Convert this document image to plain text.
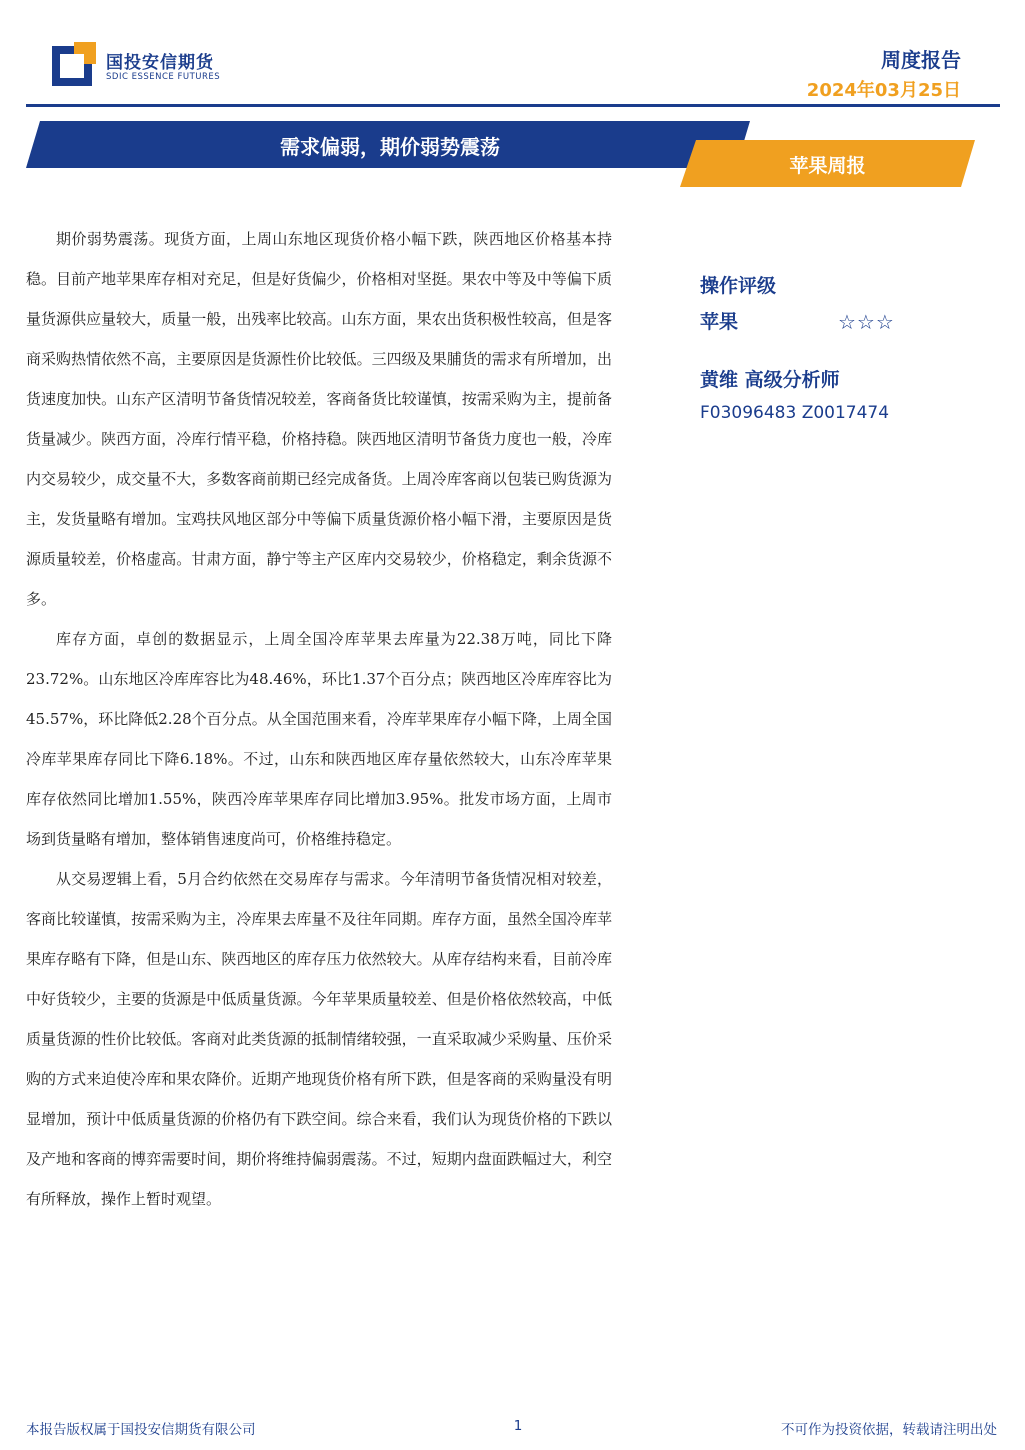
国投安信期货
SDIC ESSENCE FUTURES
周度报告
2024年03月25日
需求偏弱，期价弱势震荡
苹果周报

期价弱势震荡。现货方面，上周山东地区现货价格小幅下跌，陕西地区价格基本持稳。目前产地苹果库存相对充足，但是好货偏少，价格相对坚挺。果农中等及中等偏下质量货源供应量较大，质量一般，出残率比较高。山东方面，果农出货积极性较高，但是客商采购热情依然不高，主要原因是货源性价比较低。三四级及果脯货的需求有所增加，出货速度加快。山东产区清明节备货情况较差，客商备货比较谨慎，按需采购为主，提前备货量减少。陕西方面，冷库行情平稳，价格持稳。陕西地区清明节备货力度也一般，冷库内交易较少，成交量不大，多数客商前期已经完成备货。上周冷库客商以包装已购货源为主，发货量略有增加。宝鸡扶风地区部分中等偏下质量货源价格小幅下滑，主要原因是货源质量较差，价格虚高。甘肃方面，静宁等主产区库内交易较少，价格稳定，剩余货源不多。

库存方面，卓创的数据显示，上周全国冷库苹果去库量为22.38万吨，同比下降23.72%。山东地区冷库库容比为48.46%，环比1.37个百分点；陕西地区冷库库容比为45.57%，环比降低2.28个百分点。从全国范围来看，冷库苹果库存小幅下降，上周全国冷库苹果库存同比下降6.18%。不过，山东和陕西地区库存量依然较大，山东冷库苹果库存依然同比增加1.55%，陕西冷库苹果库存同比增加3.95%。批发市场方面，上周市场到货量略有增加，整体销售速度尚可，价格维持稳定。

从交易逻辑上看，5月合约依然在交易库存与需求。今年清明节备货情况相对较差，客商比较谨慎，按需采购为主，冷库果去库量不及往年同期。库存方面，虽然全国冷库苹果库存略有下降，但是山东、陕西地区的库存压力依然较大。从库存结构来看，目前冷库中好货较少，主要的货源是中低质量货源。今年苹果质量较差、但是价格依然较高，中低质量货源的性价比较低。客商对此类货源的抵制情绪较强，一直采取减少采购量、压价采购的方式来迫使冷库和果农降价。近期产地现货价格有所下跌，但是客商的采购量没有明显增加，预计中低质量货源的价格仍有下跌空间。综合来看，我们认为现货价格的下跌以及产地和客商的博弈需要时间，期价将维持偏弱震荡。不过，短期内盘面跌幅过大，利空有所释放，操作上暂时观望。

操作评级
苹果	☆☆☆
黄维 高级分析师
F03096483 Z0017474
本报告版权属于国投安信期货有限公司	1	不可作为投资依据，转载请注明出处
